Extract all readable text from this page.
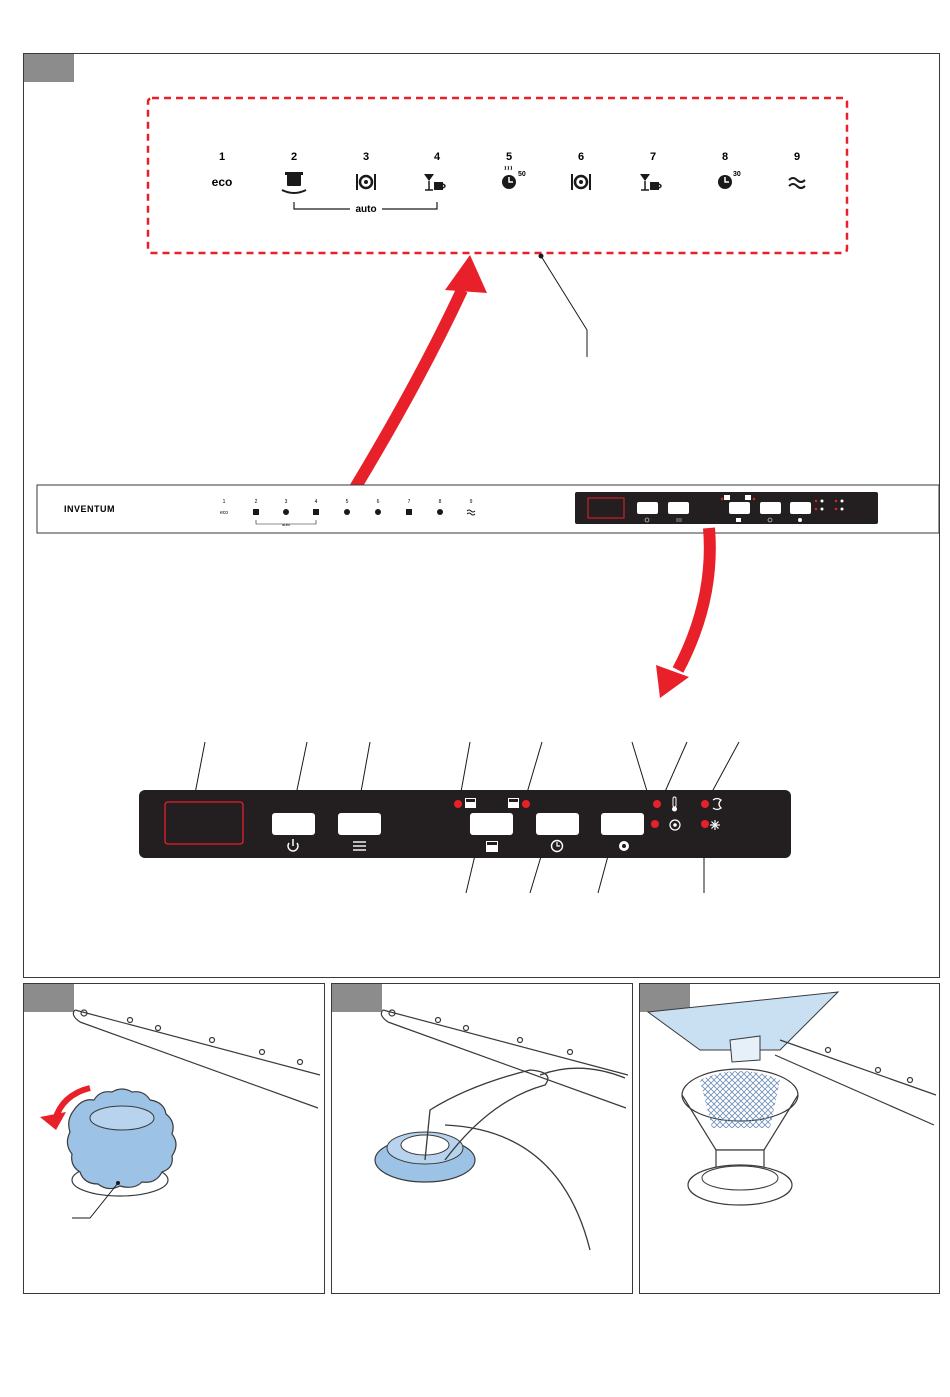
1	2	3	4	5	6	7	8	9
eco
50	30
auto
INVENTUM
1	2	3	4	5	6	7	8	9
eco
auto
